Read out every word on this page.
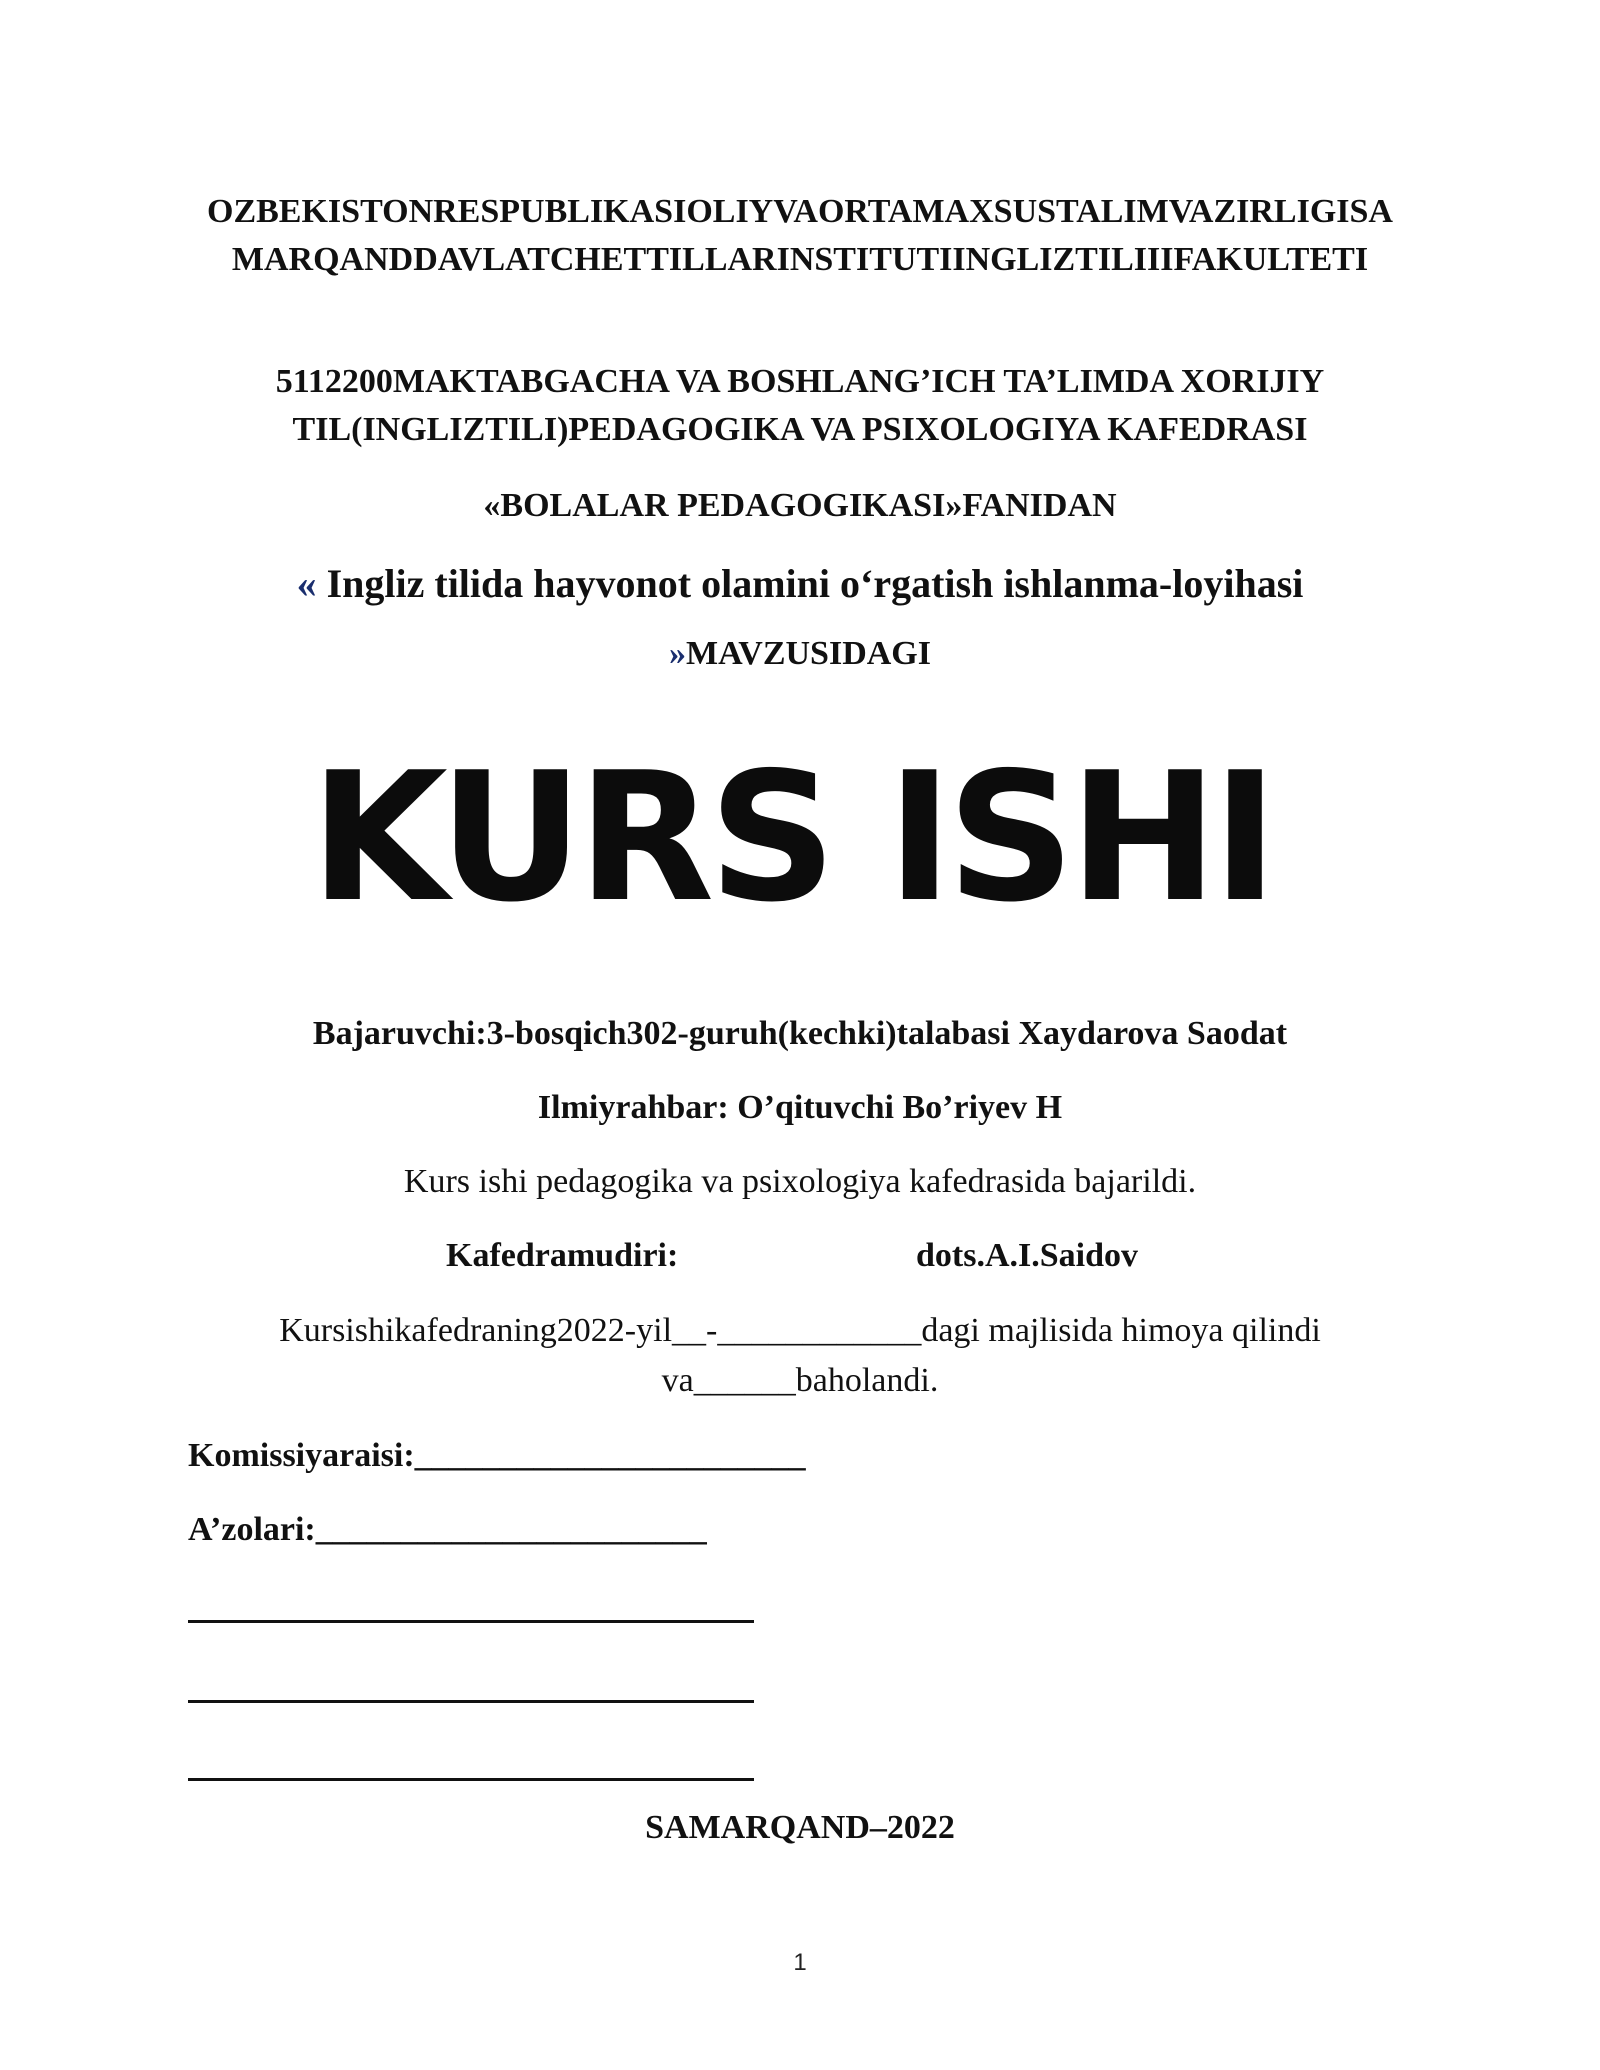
OZBEKISTONRESPUBLIKASIOLIYVAORTAMAXSUSTALIMVAZIRLIGISAMARQANDDAVLATCHETTILLARINSTITUTIINGLIZTILIIIFAKULTETI
5112200MAKTABGACHA VA BOSHLANG’ICH TA’LIMDA XORIJIY TIL(INGLIZTILI)PEDAGOGIKA VA PSIXOLOGIYA KAFEDRASI
«BOLALAR PEDAGOGIKASI»FANIDAN
« Ingliz tilida hayvonot olamini o‘rgatish ishlanma-loyihasi
»MAVZUSIDAGI
KURS ISHI
Bajaruvchi:3-bosqich302-guruh(kechki)talabasi Xaydarova Saodat
Ilmiyrahbar: O’qituvchi Bo’riyev H
Kurs ishi pedagogika va psixologiya kafedrasida bajarildi.
Kafedramudiri:	dots.A.I.Saidov
Kursishikafedraning2022-yil__-____________dagi majlisida himoya qilindi va______baholandi.
Komissiyaraisi:_______________________
A’zolari:_______________________
SAMARQAND–2022
1
